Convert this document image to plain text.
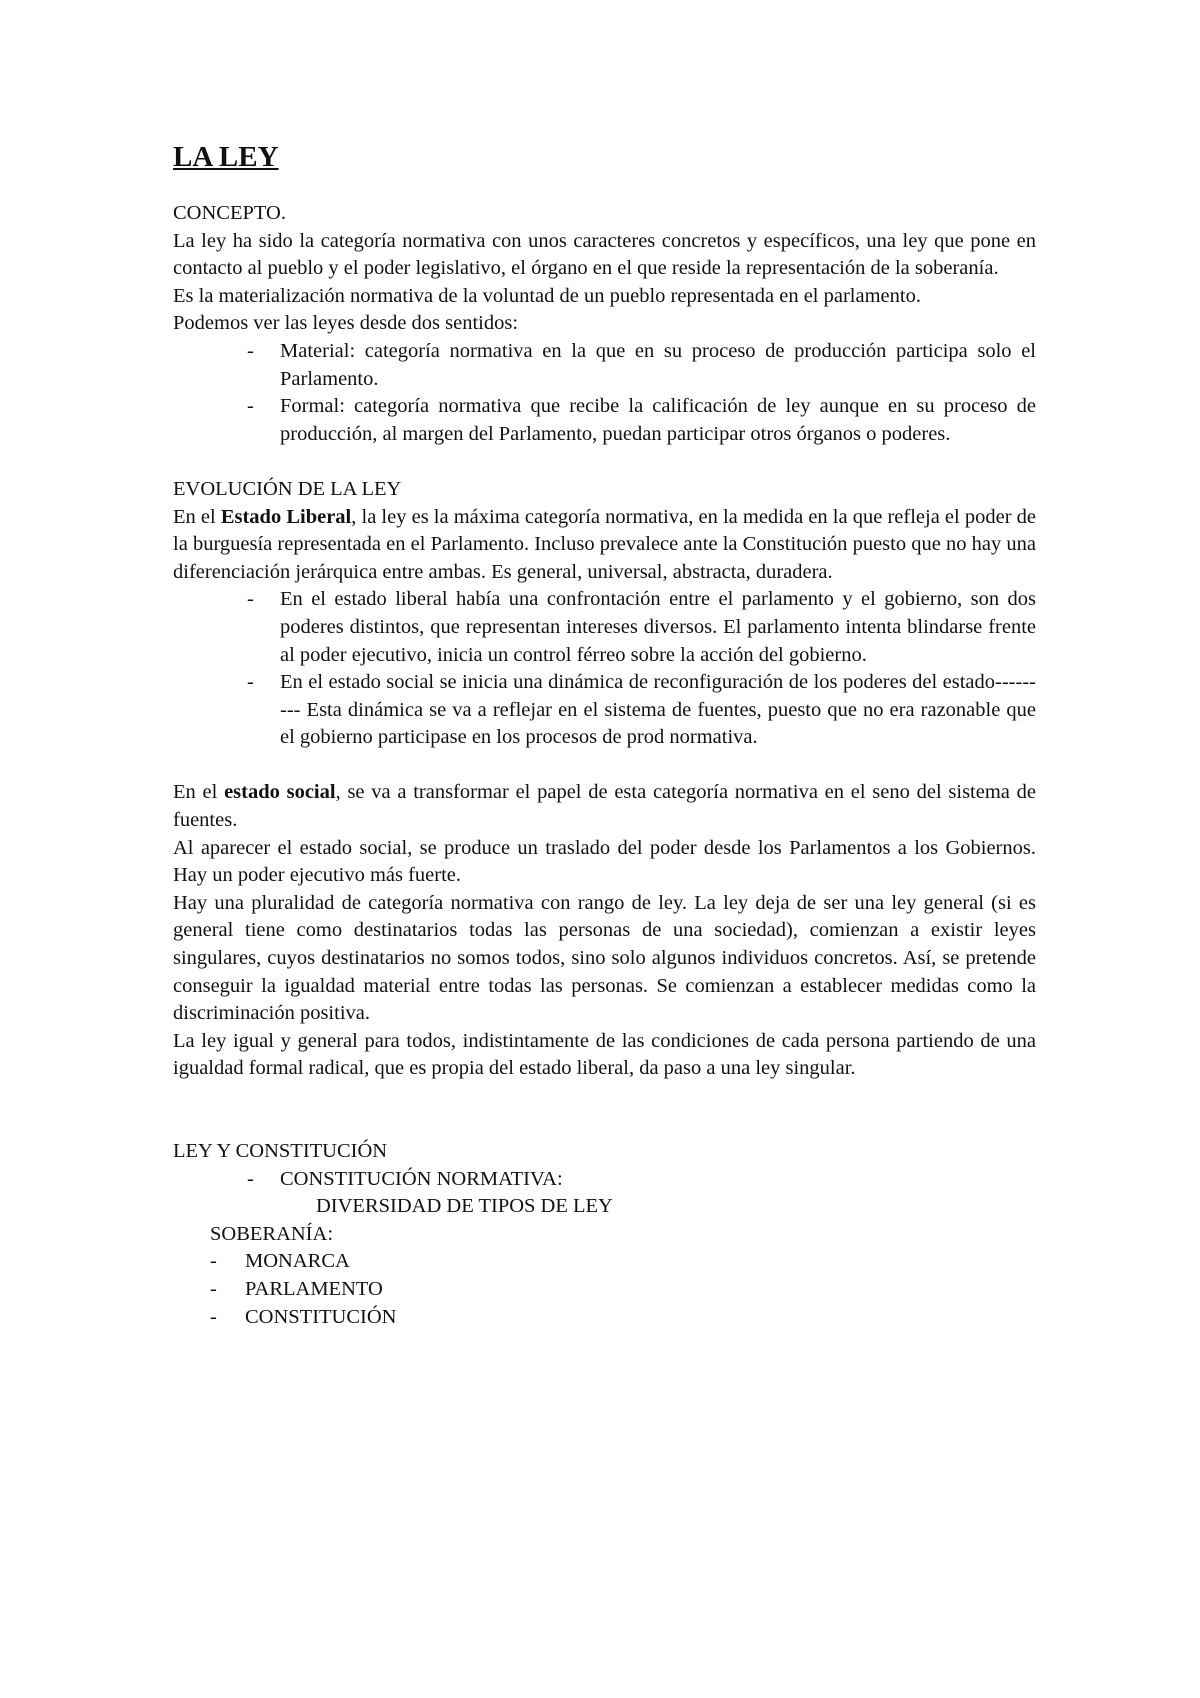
LA LEY

CONCEPTO.

La ley ha sido la categoría normativa con unos caracteres concretos y específicos, una ley que pone en contacto al pueblo y el poder legislativo, el órgano en el que reside la representación de la soberanía.

Es la materialización normativa de la voluntad de un pueblo representada en el parlamento.

Podemos ver las leyes desde dos sentidos:

- Material: categoría normativa en la que en su proceso de producción participa solo el Parlamento.
- Formal: categoría normativa que recibe la calificación de ley aunque en su proceso de producción, al margen del Parlamento, puedan participar otros órganos o poderes.

EVOLUCIÓN DE LA LEY

En el Estado Liberal, la ley es la máxima categoría normativa, en la medida en la que refleja el poder de la burguesía representada en el Parlamento. Incluso prevalece ante la Constitución puesto que no hay una diferenciación jerárquica entre ambas. Es general, universal, abstracta, duradera.

- En el estado liberal había una confrontación entre el parlamento y el gobierno, son dos poderes distintos, que representan intereses diversos. El parlamento intenta blindarse frente al poder ejecutivo, inicia un control férreo sobre la acción del gobierno.
- En el estado social se inicia una dinámica de reconfiguración de los poderes del estado--------- Esta dinámica se va a reflejar en el sistema de fuentes, puesto que no era razonable que el gobierno participase en los procesos de prod normativa.

En el estado social, se va a transformar el papel de esta categoría normativa en el seno del sistema de fuentes.

Al aparecer el estado social, se produce un traslado del poder desde los Parlamentos a los Gobiernos. Hay un poder ejecutivo más fuerte.

Hay una pluralidad de categoría normativa con rango de ley. La ley deja de ser una ley general (si es general tiene como destinatarios todas las personas de una sociedad), comienzan a existir leyes singulares, cuyos destinatarios no somos todos, sino solo algunos individuos concretos. Así, se pretende conseguir la igualdad material entre todas las personas. Se comienzan a establecer medidas como la discriminación positiva.

La ley igual y general para todos, indistintamente de las condiciones de cada persona partiendo de una igualdad formal radical, que es propia del estado liberal, da paso a una ley singular.

LEY Y CONSTITUCIÓN

- CONSTITUCIÓN NORMATIVA:

DIVERSIDAD DE TIPOS DE LEY

SOBERANÍA:

- MONARCA
- PARLAMENTO
- CONSTITUCIÓN
